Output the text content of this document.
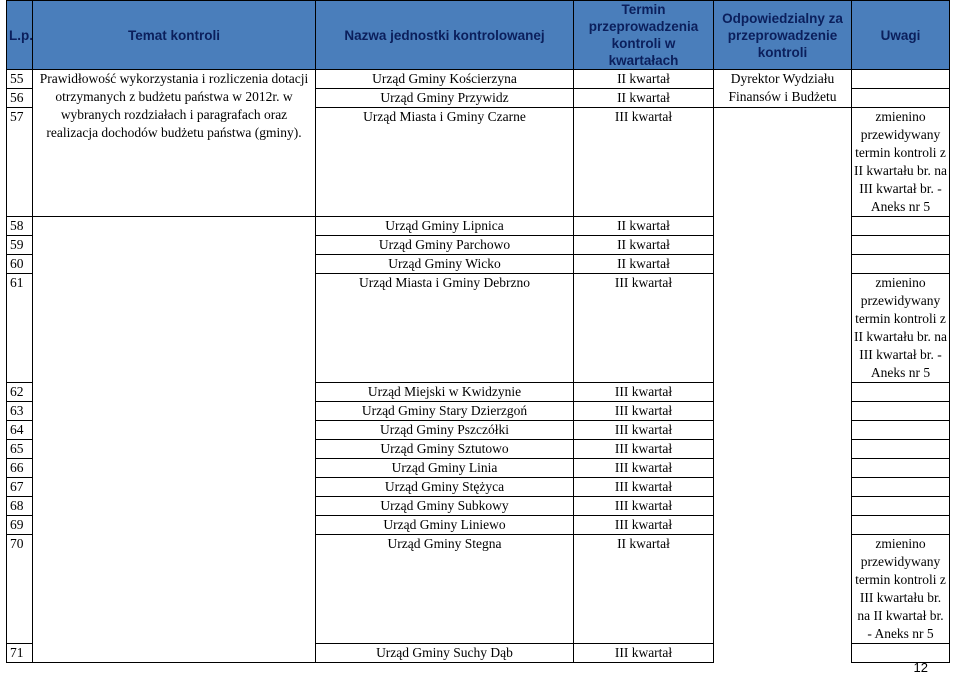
L.p.	Temat kontroli	Nazwa jednostki kontrolowanej	Termin przeprowadzenia kontroli w kwartałach	Odpowiedzialny za przeprowadzenie kontroli	Uwagi
55	Prawidłowość wykorzystania i rozliczenia dotacji otrzymanych z budżetu państwa w 2012r. w wybranych rozdziałach i paragrafach oraz realizacja dochodów budżetu państwa (gminy).	Urząd Gminy Kościerzyna	II kwartał	Dyrektor Wydziału Finansów i Budżetu	
56		Urząd Gminy Przywidz	II kwartał		
57		Urząd Miasta i Gminy Czarne	III kwartał		zmienino przewidywany termin kontroli z II kwartału br. na III kwartał br. - Aneks nr 5
58		Urząd Gminy Lipnica	II kwartał		
59		Urząd Gminy Parchowo	II kwartał		
60		Urząd Gminy Wicko	II kwartał		
61		Urząd Miasta i Gminy Debrzno	III kwartał		zmienino przewidywany termin kontroli z II kwartału br. na III kwartał br. - Aneks nr 5
62		Urząd Miejski w Kwidzynie	III kwartał		
63		Urząd Gminy Stary Dzierzgoń	III kwartał		
64		Urząd Gminy Pszczółki	III kwartał		
65		Urząd Gminy Sztutowo	III kwartał		
66		Urząd Gminy Linia	III kwartał		
67		Urząd Gminy Stężyca	III kwartał		
68		Urząd Gminy Subkowy	III kwartał		
69		Urząd Gminy Liniewo	III kwartał		
70		Urząd Gminy Stegna	II kwartał		zmienino przewidywany termin kontroli z III kwartału br. na II kwartał br. - Aneks nr 5
71		Urząd Gminy Suchy Dąb	III kwartał		
12
